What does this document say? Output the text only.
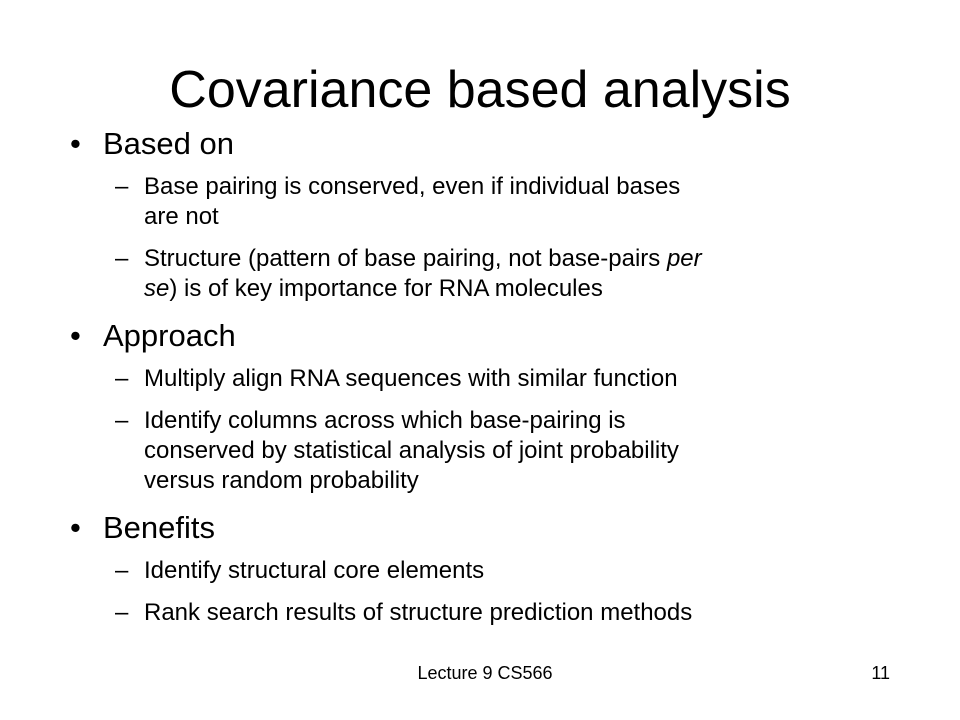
Covariance based analysis
• Based on
– Base pairing is conserved, even if individual bases
are not
– Structure (pattern of base pairing, not base-pairs per
se) is of key importance for RNA molecules
• Approach
– Multiply align RNA sequences with similar function
– Identify columns across which base-pairing is
conserved by statistical analysis of joint probability
versus random probability
• Benefits
– Identify structural core elements
– Rank search results of structure prediction methods
Lecture 9 CS566	11
